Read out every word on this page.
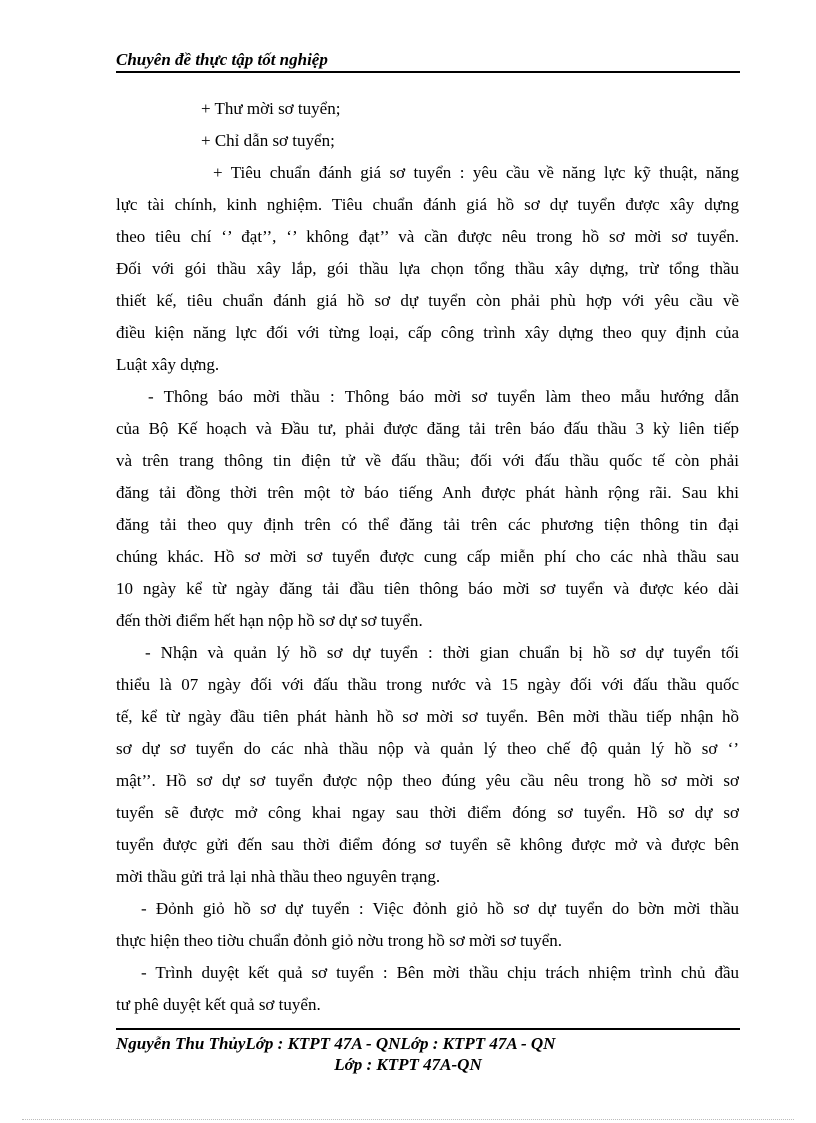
Chuyên đề thực tập tốt nghiệp
+ Thư mời sơ tuyển;
+ Chỉ dẫn sơ tuyển;
+ Tiêu chuẩn đánh giá sơ tuyển : yêu cầu về năng lực kỹ thuật, năng
lực tài chính, kinh nghiệm. Tiêu chuẩn đánh giá hồ sơ dự tuyển được xây dựng
theo tiêu chí ‘’ đạt’’, ‘’ không đạt’’ và cần được nêu trong hồ sơ mời sơ tuyển.
Đối với gói thầu xây lắp, gói thầu lựa chọn tổng thầu xây dựng, trừ tổng thầu
thiết kế, tiêu chuẩn đánh giá hồ sơ dự tuyển còn phải phù hợp với yêu cầu về
điều kiện năng lực đối với từng loại, cấp công trình xây dựng theo quy định của
Luật xây dựng.
- Thông báo mời thầu : Thông báo mời sơ tuyển làm theo mẫu hướng dẫn
của Bộ Kế hoạch và Đầu tư, phải được đăng tải trên báo đấu thầu 3 kỳ liên tiếp
và trên trang thông tin điện tử về đấu thầu; đối với đấu thầu quốc tế còn phải
đăng tải đồng thời trên một tờ báo tiếng Anh được phát hành rộng rãi. Sau khi
đăng tải theo quy định trên có thể đăng tải trên các phương tiện thông tin đại
chúng khác. Hồ sơ mời sơ tuyển được cung cấp miễn phí cho các nhà thầu sau
10 ngày kể từ ngày đăng tải đầu tiên thông báo mời sơ tuyển và được kéo dài
đến thời điểm hết hạn nộp hồ sơ dự sơ tuyển.
- Nhận và quản lý hồ sơ dự tuyển : thời gian chuẩn bị hồ sơ dự tuyển tối
thiểu là 07 ngày đối với đấu thầu trong nước và 15 ngày đối với đấu thầu quốc
tế, kể từ ngày đầu tiên phát hành hồ sơ mời sơ tuyển. Bên mời thầu tiếp nhận hồ
sơ dự sơ tuyển do các nhà thầu nộp và quản lý theo chế độ quản lý hồ sơ ‘’
mật’’. Hồ sơ dự sơ tuyển được nộp theo đúng yêu cầu nêu trong hồ sơ mời sơ
tuyển sẽ được mở công khai ngay sau thời điểm đóng sơ tuyển. Hồ sơ dự sơ
tuyển được gửi đến sau thời điểm đóng sơ tuyển sẽ không được mở và được bên
mời thầu gửi trả lại nhà thầu theo nguyên trạng.
- Đỏnh giỏ hồ sơ dự tuyển : Việc đỏnh giỏ hồ sơ dự tuyển do bờn mời thầu
thực hiện theo tiờu chuẩn đỏnh giỏ nờu trong hồ sơ mời sơ tuyển.
- Trình duyệt kết quả sơ tuyển : Bên mời thầu chịu trách nhiệm trình chủ đầu
tư phê duyệt kết quả sơ tuyển.
Nguyễn Thu ThủyLớp : KTPT 47A - QNLớp : KTPT 47A - QN
Lớp : KTPT 47A-QN
